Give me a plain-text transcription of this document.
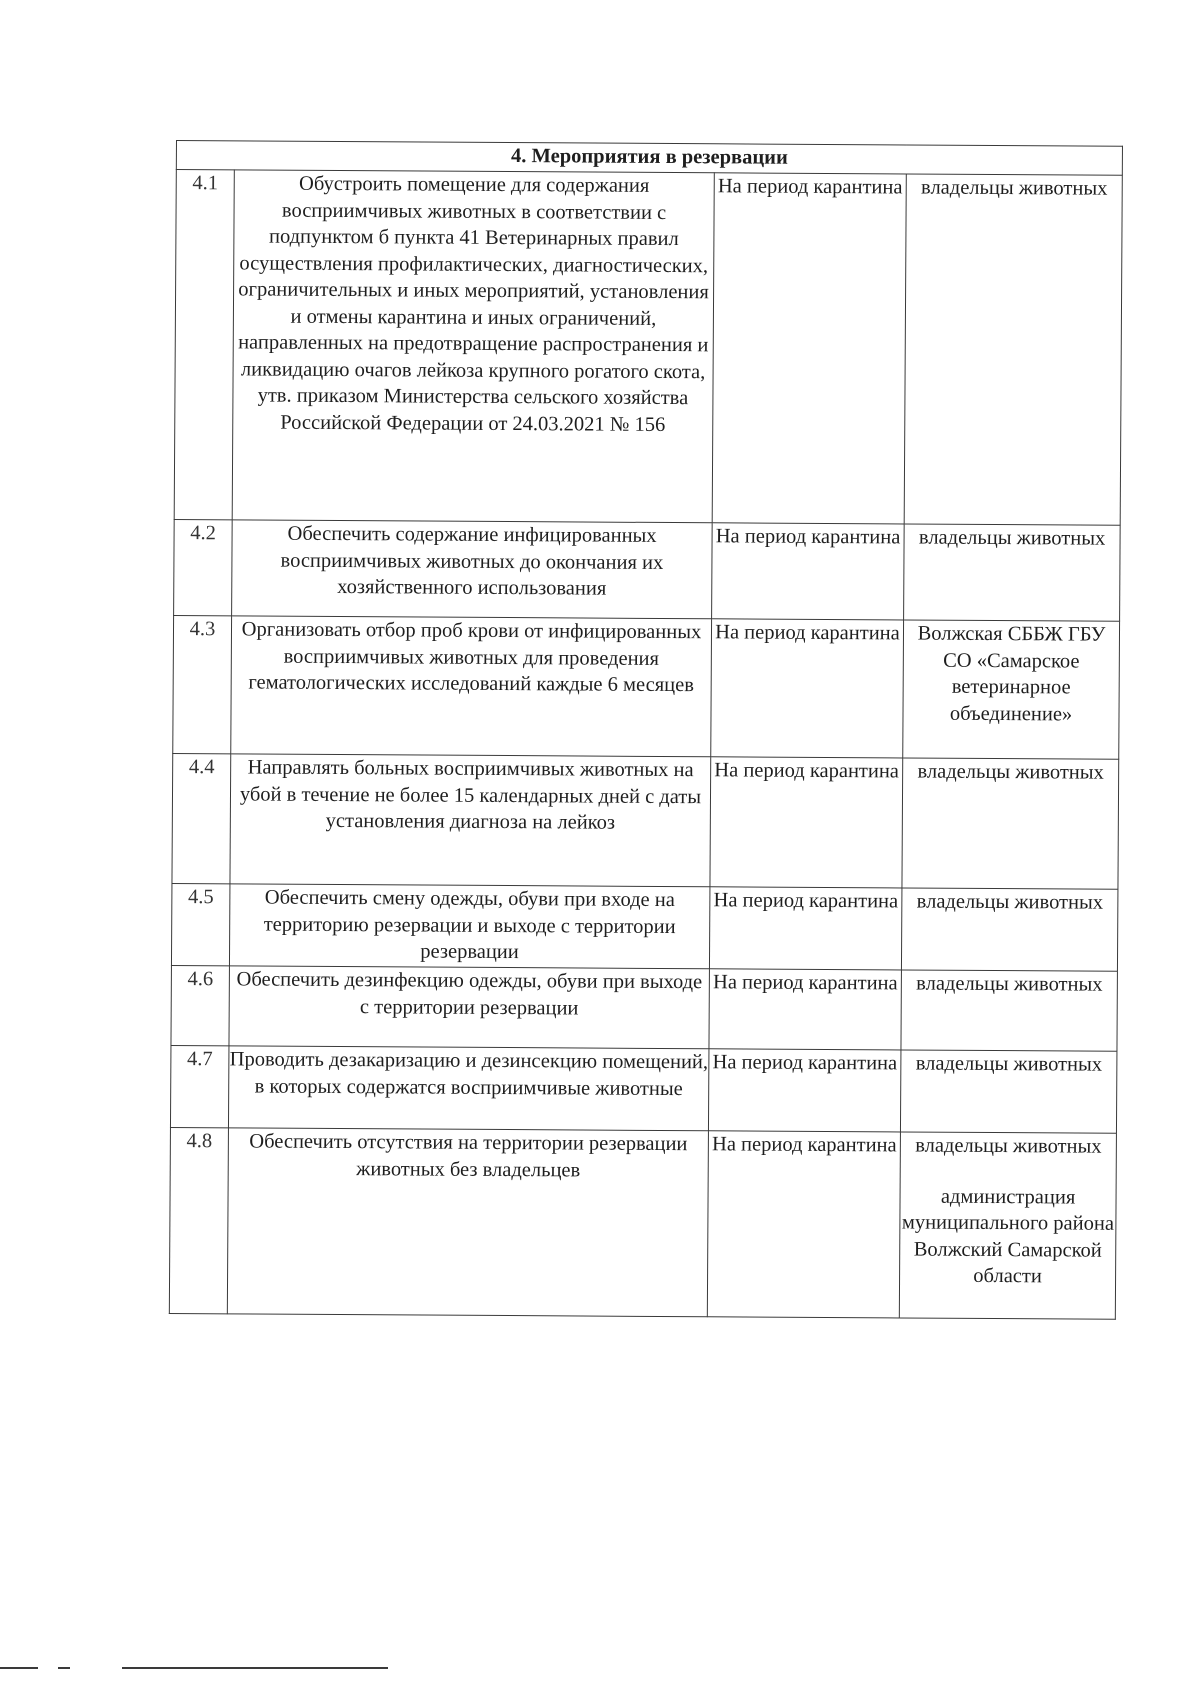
4. Мероприятия в резервации			
4.1	Обустроить помещение для содержания восприимчивых животных в соответствии с подпунктом б пункта 41 Ветеринарных правил осуществления профилактических, диагностических, ограничительных и иных мероприятий, установления и отмены карантина и иных ограничений, направленных на предотвращение распространения и ликвидацию очагов лейкоза крупного рогатого скота, утв. приказом Министерства сельского хозяйства Российской Федерации от 24.03.2021 № 156	На период карантина	владельцы животных

4.2	Обеспечить содержание инфицированных восприимчивых животных до окончания их хозяйственного использования	На период карантина	владельцы животных

4.3	Организовать отбор проб крови от инфицированных восприимчивых животных для проведения гематологических исследований каждые 6 месяцев	На период карантина	Волжская СББЖ ГБУ СО «Самарское ветеринарное объединение»

4.4	Направлять больных восприимчивых животных на убой в течение не более 15 календарных дней с даты установления диагноза на лейкоз	На период карантина	владельцы животных

4.5	Обеспечить смену одежды, обуви при входе на территорию резервации и выходе с территории резервации	На период карантина	владельцы животных

4.6	Обеспечить дезинфекцию одежды, обуви при выходе с территории резервации	На период карантина	владельцы животных

4.7	Проводить дезакаризацию и дезинсекцию помещений, в которых содержатся восприимчивые животные	На период карантина	владельцы животных

4.8	Обеспечить отсутствия на территории резервации животных без владельцев	На период карантина	владельцы животных
администрация муниципального района Волжский Самарской области
